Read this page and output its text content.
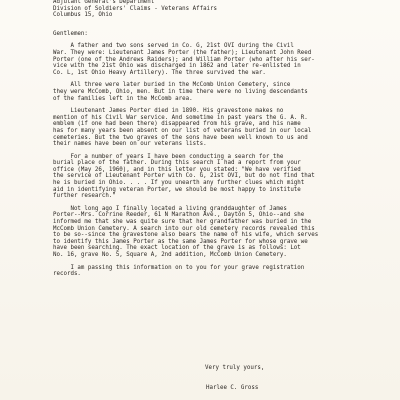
Adjutant General's Department
Division of Soldiers' Claims - Veterans Affairs
Columbus 15, Ohio
Gentlemen:
A father and two sons served in Co. G, 21st OVI during the Civil
War. They were: Lieutenant James Porter (the father); Lieutenant John Reed
Porter (one of the Andrews Raiders); and William Porter (who after his ser-
vice with the 21st Ohio was discharged in 1862 and later re-enlisted in
Co. L, 1st Ohio Heavy Artillery). The three survived the war.
All three were later buried in the McComb Union Cemetery, since
they were McComb, Ohio, men. But in time there were no living descendants
of the families left in the McComb area.
Lieutenant James Porter died in 1890. His gravestone makes no
mention of his Civil War service. And sometime in past years the G. A. R.
emblem (if one had been there) disappeared from his grave, and his name
has for many years been absent on our list of veterans buried in our local
cemeteries. But the two graves of the sons have been well known to us and
their names have been on our veterans lists.
For a number of years I have been conducting a search for the
burial place of the father. During this search I had a report from your
office (May 26, 1960), and in this letter you stated: "We have verified
the service of Lieutenant Porter with Co. G, 21st OVI, but do not find that
he is buried in Ohio. . . . If you unearth any further clues which might
aid in identifying veteran Porter, we should be most happy to institute
further research."
Not long ago I finally located a living granddaughter of James
Porter--Mrs. Corrine Reeder, 61 N Marathon Ave., Dayton 5, Ohio--and she
informed me that she was quite sure that her grandfather was buried in the
McComb Union Cemetery. A search into our old cemetery records revealed this
to be so--since the gravestone also bears the name of his wife, which serves
to identify this James Porter as the same James Porter for whose grave we
have been searching. The exact location of the grave is as follows: Lot
No. 16, grave No. 5, Square A, 2nd addition, McComb Union Cemetery.
I am passing this information on to you for your grave registration
records.
Very truly yours,
Harlee C. Gross
